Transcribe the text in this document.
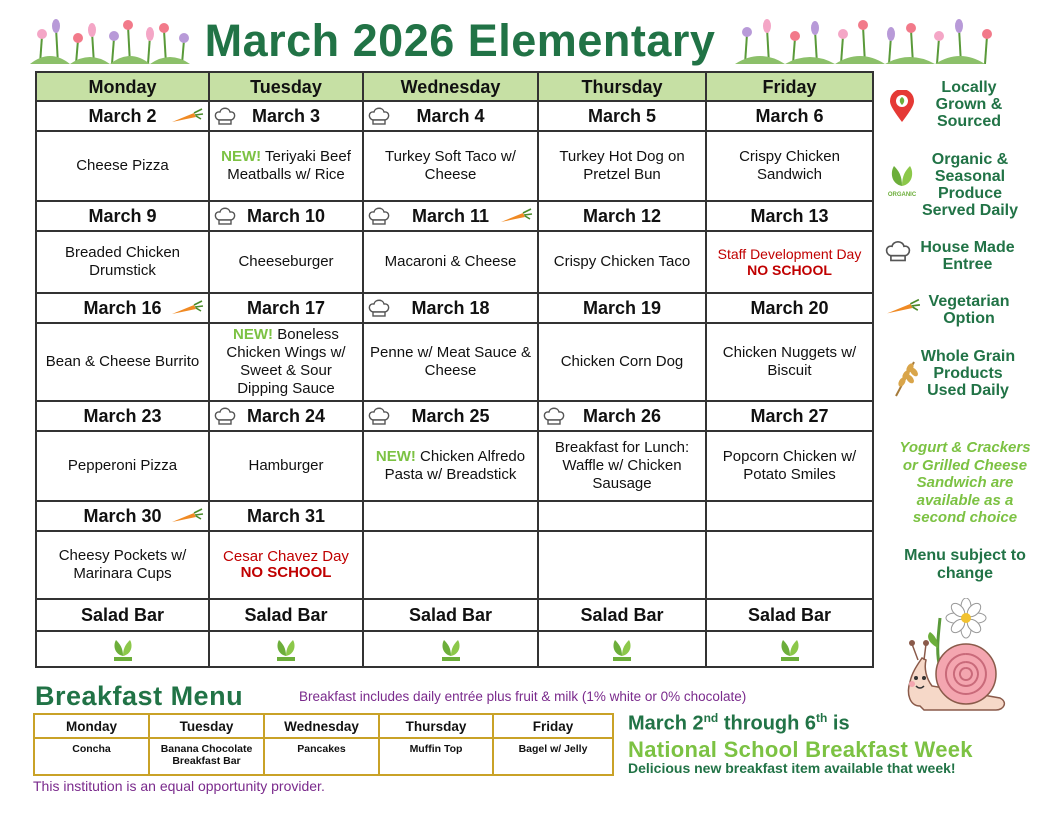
March 2026 Elementary
Monday	Tuesday	Wednesday	Thursday	Friday
March 2	March 3	March 4	March 5	March 6
Cheese Pizza	NEW! Teriyaki Beef Meatballs w/ Rice	Turkey Soft Taco w/ Cheese	Turkey Hot Dog on Pretzel Bun	Crispy Chicken Sandwich
March 9	March 10	March 11	March 12	March 13
Breaded Chicken Drumstick	Cheeseburger	Macaroni & Cheese	Crispy Chicken Taco	Staff Development Day
NO SCHOOL

March 16	March 17	March 18	March 19	March 20
Bean & Cheese Burrito	NEW! Boneless Chicken Wings w/ Sweet & Sour Dipping Sauce	Penne w/ Meat Sauce & Cheese	Chicken Corn Dog	Chicken Nuggets w/ Biscuit
March 23	March 24	March 25	March 26	March 27
Pepperoni Pizza	Hamburger	NEW! Chicken Alfredo Pasta w/ Breadstick	Breakfast for Lunch: Waffle w/ Chicken Sausage	Popcorn Chicken w/ Potato Smiles
March 30	March 31			
Cheesy Pockets w/ Marinara Cups	Cesar Chavez Day
NO SCHOOL			

Salad Bar	Salad Bar	Salad Bar	Salad Bar	Salad Bar

Locally Grown & Sourced
ORGANIC
Organic & Seasonal Produce Served Daily
House Made Entree
Vegetarian Option
Whole Grain Products Used Daily
Yogurt & Crackers or Grilled Cheese Sandwich are available as a second choice
Menu subject to change
Breakfast Menu	Breakfast includes daily entrée plus fruit & milk (1% white or 0% chocolate)
Monday	Tuesday	Wednesday	Thursday	Friday
Concha	Banana Chocolate Breakfast Bar	Pancakes	Muffin Top	Bagel w/ Jelly
This institution is an equal opportunity provider.
March 2nd through 6th is
National School Breakfast Week
Delicious new breakfast item available that week!
